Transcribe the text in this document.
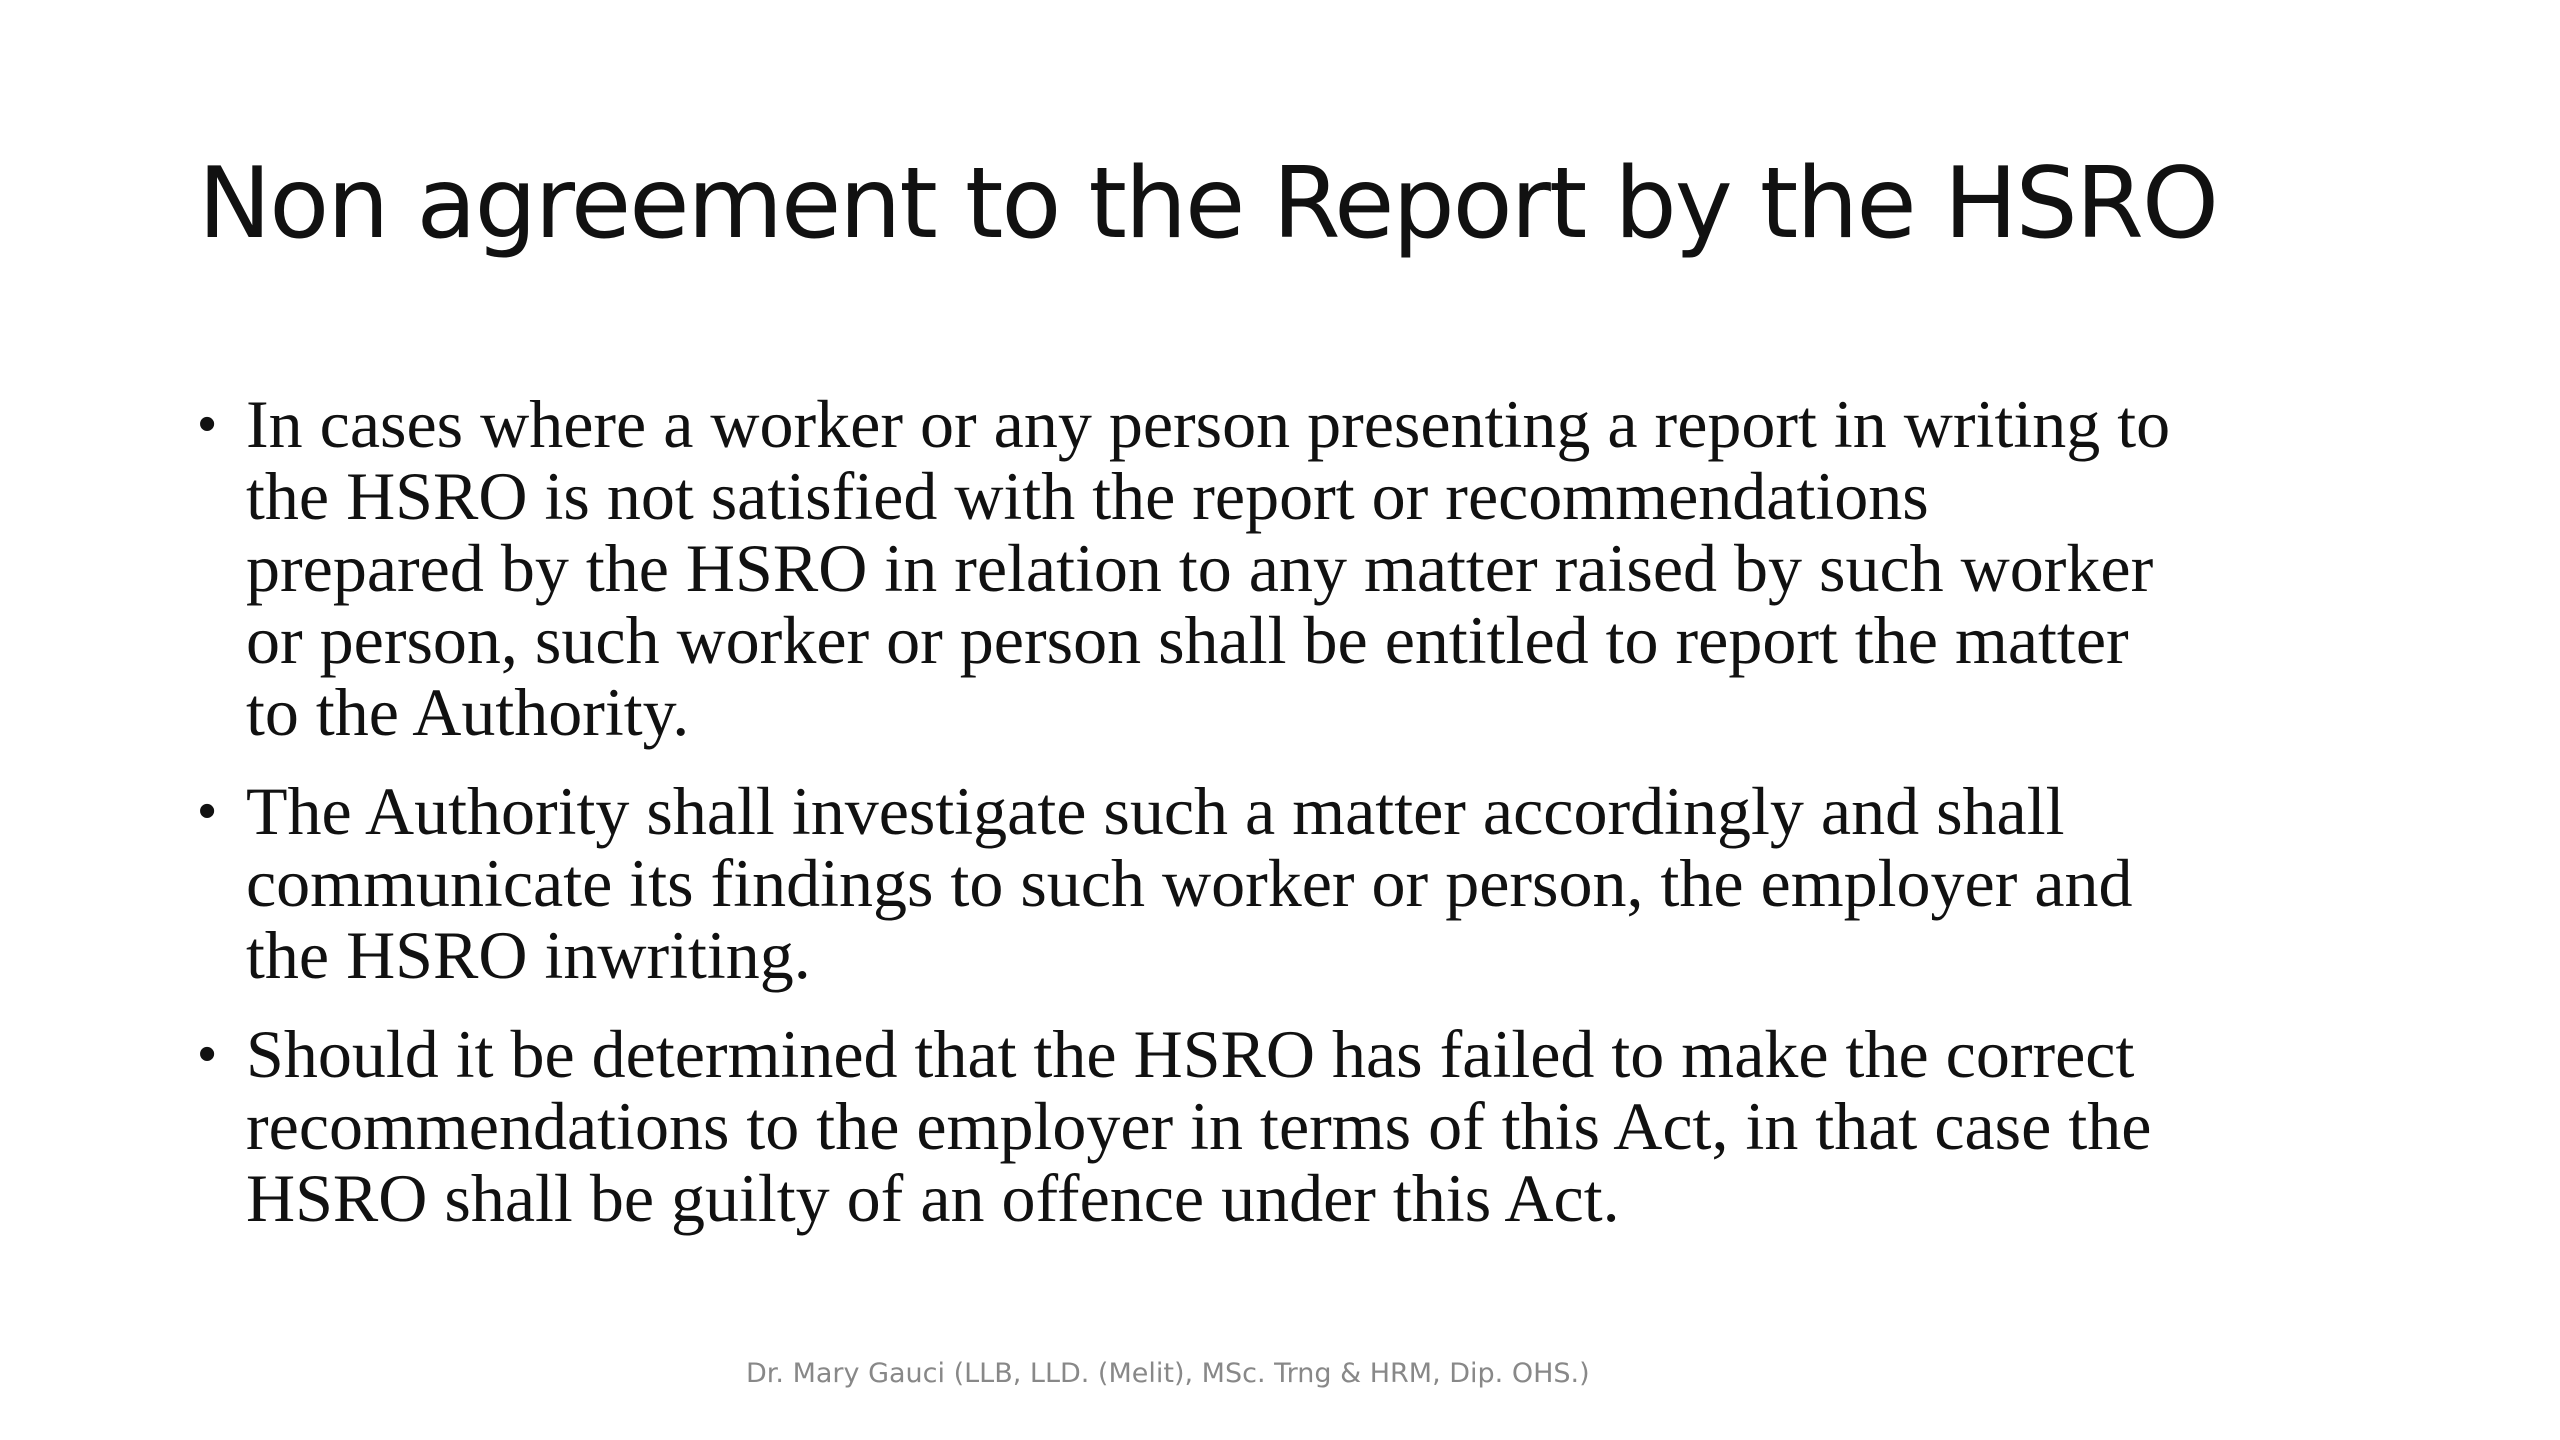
Non agreement to the Report by the HSRO
• In cases where a worker or any person presenting a report in writing to
the HSRO is not satisfied with the report or recommendations
prepared by the HSRO in relation to any matter raised by such worker
or person, such worker or person shall be entitled to report the matter
to the Authority.
• The Authority shall investigate such a matter accordingly and shall
communicate its findings to such worker or person, the employer and
the HSRO inwriting.
• Should it be determined that the HSRO has failed to make the correct
recommendations to the employer in terms of this Act, in that case the
HSRO shall be guilty of an offence under this Act.
Dr. Mary Gauci (LLB, LLD. (Melit), MSc. Trng & HRM, Dip. OHS.)
